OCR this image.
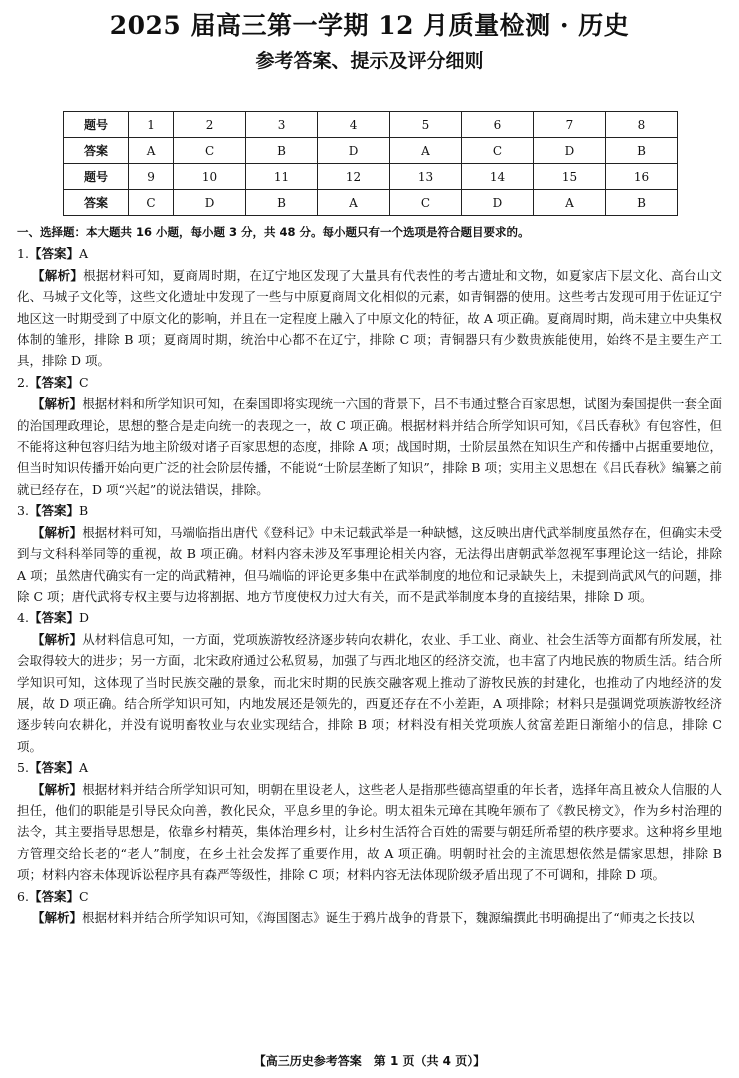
2025 届高三第一学期 12 月质量检测 · 历史
参考答案、提示及评分细则
题号	1	2	3	4	5	6	7	8
答案	A	C	B	D	A	C	D	B
题号	9	10	11	12	13	14	15	16
答案	C	D	B	A	C	D	A	B

一、选择题：本大题共 16 小题，每小题 3 分，共 48 分。每小题只有一个选项是符合题目要求的。

1.【答案】A

【解析】根据材料可知，夏商周时期，在辽宁地区发现了大量具有代表性的考古遗址和文物，如夏家店下层文化、高台山文化、马城子文化等，这些文化遗址中发现了一些与中原夏商周文化相似的元素，如青铜器的使用。这些考古发现可用于佐证辽宁地区这一时期受到了中原文化的影响，并且在一定程度上融入了中原文化的特征，故 A 项正确。夏商周时期，尚未建立中央集权体制的雏形，排除 B 项；夏商周时期，统治中心都不在辽宁，排除 C 项；青铜器只有少数贵族能使用，始终不是主要生产工具，排除 D 项。

2.【答案】C

【解析】根据材料和所学知识可知，在秦国即将实现统一六国的背景下，吕不韦通过整合百家思想，试图为秦国提供一套全面的治国理政理论，思想的整合是走向统一的表现之一，故 C 项正确。根据材料并结合所学知识可知，《吕氏春秋》有包容性，但不能将这种包容归结为地主阶级对诸子百家思想的态度，排除 A 项；战国时期，士阶层虽然在知识生产和传播中占据重要地位，但当时知识传播开始向更广泛的社会阶层传播，不能说“士阶层垄断了知识”，排除 B 项；实用主义思想在《吕氏春秋》编纂之前就已经存在，D 项“兴起”的说法错误，排除。

3.【答案】B

【解析】根据材料可知，马端临指出唐代《登科记》中未记载武举是一种缺憾，这反映出唐代武举制度虽然存在，但确实未受到与文科科举同等的重视，故 B 项正确。材料内容未涉及军事理论相关内容，无法得出唐朝武举忽视军事理论这一结论，排除 A 项；虽然唐代确实有一定的尚武精神，但马端临的评论更多集中在武举制度的地位和记录缺失上，未提到尚武风气的问题，排除 C 项；唐代武将专权主要与边将割据、地方节度使权力过大有关，而不是武举制度本身的直接结果，排除 D 项。

4.【答案】D

【解析】从材料信息可知，一方面，党项族游牧经济逐步转向农耕化，农业、手工业、商业、社会生活等方面都有所发展，社会取得较大的进步；另一方面，北宋政府通过公私贸易，加强了与西北地区的经济交流，也丰富了内地民族的物质生活。结合所学知识可知，这体现了当时民族交融的景象，而北宋时期的民族交融客观上推动了游牧民族的封建化，也推动了内地经济的发展，故 D 项正确。结合所学知识可知，内地发展还是领先的，西夏还存在不小差距，A 项排除；材料只是强调党项族游牧经济逐步转向农耕化，并没有说明畜牧业与农业实现结合，排除 B 项；材料没有相关党项族人贫富差距日渐缩小的信息，排除 C 项。

5.【答案】A

【解析】根据材料并结合所学知识可知，明朝在里设老人，这些老人是指那些德高望重的年长者，选择年高且被众人信服的人担任，他们的职能是引导民众向善，教化民众，平息乡里的争论。明太祖朱元璋在其晚年颁布了《教民榜文》，作为乡村治理的法令，其主要指导思想是，依靠乡村精英，集体治理乡村，让乡村生活符合百姓的需要与朝廷所希望的秩序要求。这种将乡里地方管理交给长老的“老人”制度，在乡土社会发挥了重要作用，故 A 项正确。明朝时社会的主流思想依然是儒家思想，排除 B 项；材料内容未体现诉讼程序具有森严等级性，排除 C 项；材料内容无法体现阶级矛盾出现了不可调和，排除 D 项。

6.【答案】C

【解析】根据材料并结合所学知识可知，《海国图志》诞生于鸦片战争的背景下，魏源编撰此书明确提出了“师夷之长技以

【高三历史参考答案　第 1 页（共 4 页）】
